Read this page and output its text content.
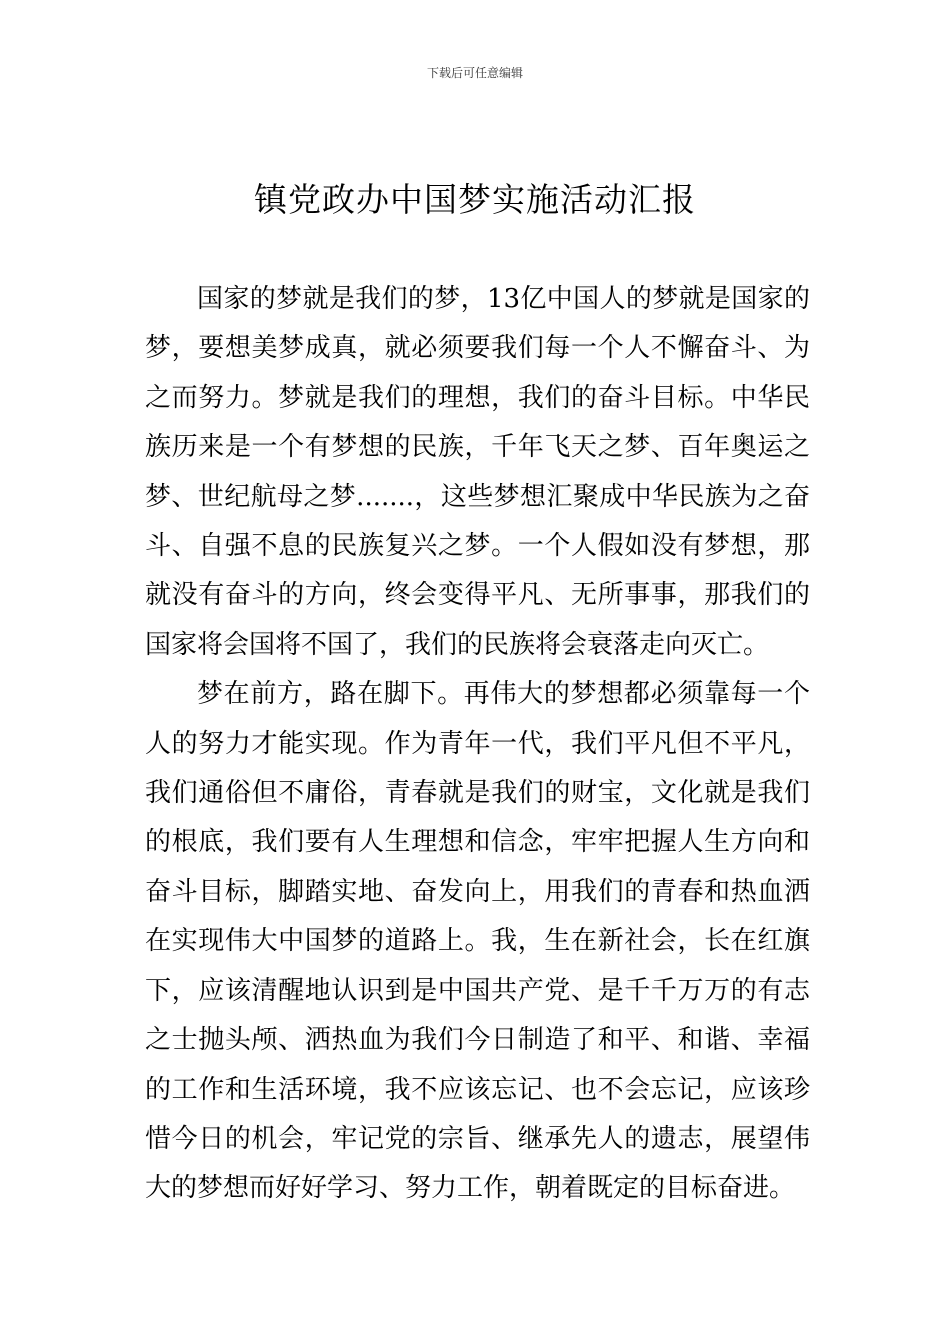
下载后可任意编辑
镇党政办中国梦实施活动汇报

国家的梦就是我们的梦，13亿中国人的梦就是国家的梦，要想美梦成真，就必须要我们每一个人不懈奋斗、为之而努力。梦就是我们的理想，我们的奋斗目标。中华民族历来是一个有梦想的民族，千年飞天之梦、百年奥运之梦、世纪航母之梦.......，这些梦想汇聚成中华民族为之奋斗、自强不息的民族复兴之梦。一个人假如没有梦想，那就没有奋斗的方向，终会变得平凡、无所事事，那我们的国家将会国将不国了，我们的民族将会衰落走向灭亡。

梦在前方，路在脚下。再伟大的梦想都必须靠每一个人的努力才能实现。作为青年一代，我们平凡但不平凡，我们通俗但不庸俗，青春就是我们的财宝，文化就是我们的根底，我们要有人生理想和信念，牢牢把握人生方向和奋斗目标，脚踏实地、奋发向上，用我们的青春和热血洒在实现伟大中国梦的道路上。我，生在新社会，长在红旗下，应该清醒地认识到是中国共产党、是千千万万的有志之士抛头颅、洒热血为我们今日制造了和平、和谐、幸福的工作和生活环境，我不应该忘记、也不会忘记，应该珍惜今日的机会，牢记党的宗旨、继承先人的遗志，展望伟大的梦想而好好学习、努力工作，朝着既定的目标奋进。
